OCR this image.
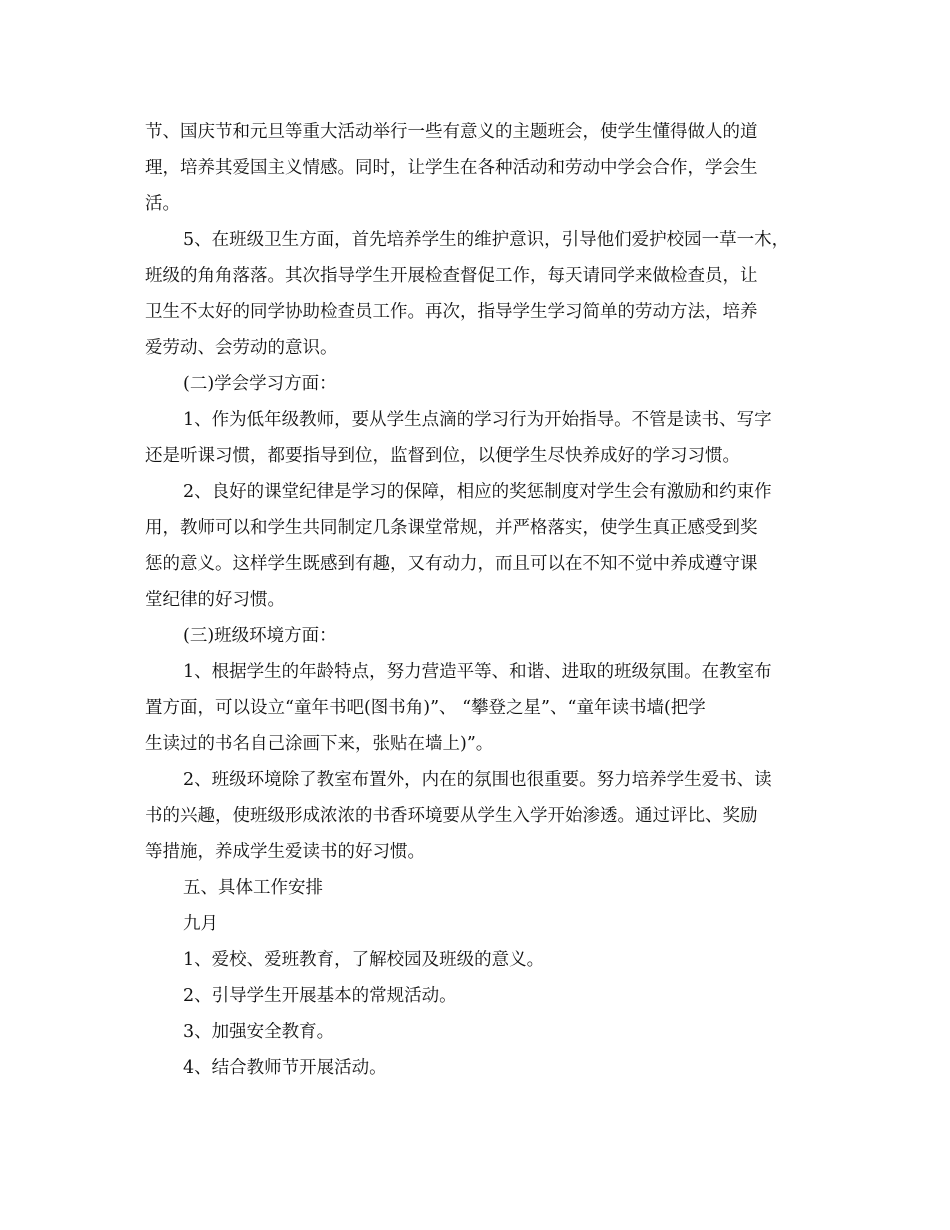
节、国庆节和元旦等重大活动举行一些有意义的主题班会，使学生懂得做人的道
理，培养其爱国主义情感。同时，让学生在各种活动和劳动中学会合作，学会生
活。
5、在班级卫生方面，首先培养学生的维护意识，引导他们爱护校园一草一木，
班级的角角落落。其次指导学生开展检查督促工作，每天请同学来做检查员，让
卫生不太好的同学协助检查员工作。再次，指导学生学习简单的劳动方法，培养
爱劳动、会劳动的意识。
(二)学会学习方面：
1、作为低年级教师，要从学生点滴的学习行为开始指导。不管是读书、写字
还是听课习惯，都要指导到位，监督到位，以便学生尽快养成好的学习习惯。
2、良好的课堂纪律是学习的保障，相应的奖惩制度对学生会有激励和约束作
用，教师可以和学生共同制定几条课堂常规，并严格落实，使学生真正感受到奖
惩的意义。这样学生既感到有趣，又有动力，而且可以在不知不觉中养成遵守课
堂纪律的好习惯。
(三)班级环境方面：
1、根据学生的年龄特点，努力营造平等、和谐、进取的班级氛围。在教室布
置方面，可以设立“童年书吧(图书角)”、 “攀登之星”、“童年读书墙(把学
生读过的书名自己涂画下来，张贴在墙上)”。
2、班级环境除了教室布置外，内在的氛围也很重要。努力培养学生爱书、读
书的兴趣，使班级形成浓浓的书香环境要从学生入学开始渗透。通过评比、奖励
等措施，养成学生爱读书的好习惯。
五、具体工作安排
九月
1、爱校、爱班教育，了解校园及班级的意义。
2、引导学生开展基本的常规活动。
3、加强安全教育。
4、结合教师节开展活动。
